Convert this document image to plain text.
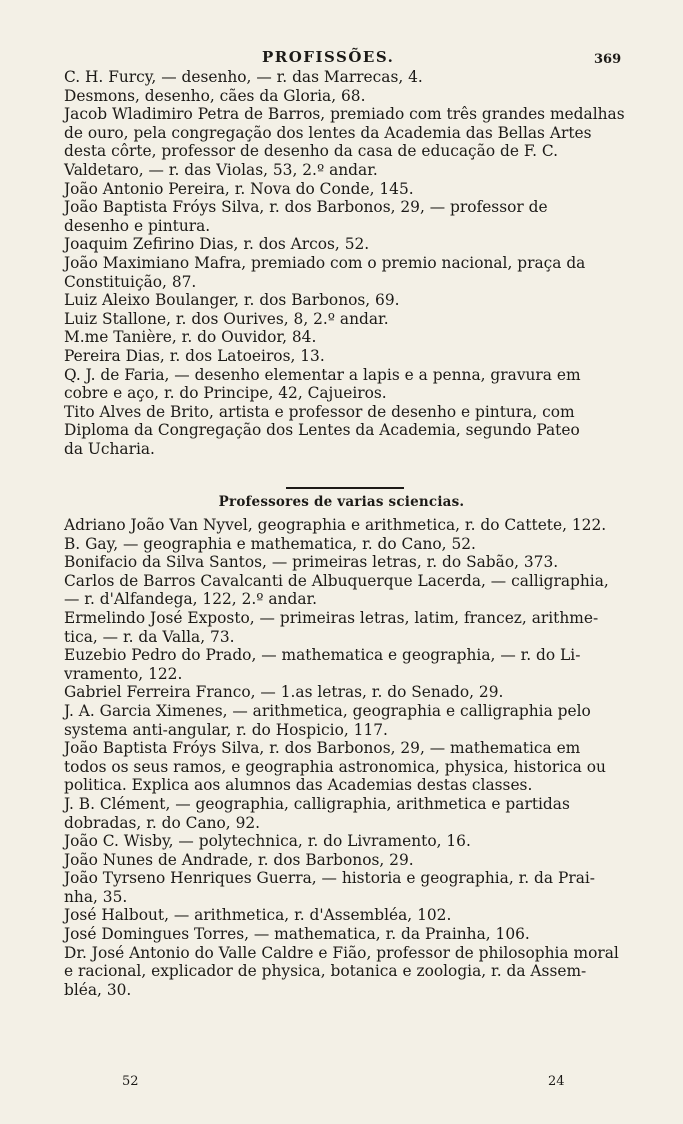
PROFISSÕES.	369

C. H. Furcy, — desenho, — r. das Marrecas, 4.

Desmons, desenho, cães da Gloria, 68.

Jacob Wladimiro Petra de Barros, premiado com três grandes medalhas
de ouro, pela congregação dos lentes da Academia das Bellas Artes
desta côrte, professor de desenho da casa de educação de F. C.
Valdetaro, — r. das Violas, 53, 2.º andar.

João Antonio Pereira, r. Nova do Conde, 145.

João Baptista Fróys Silva, r. dos Barbonos, 29, — professor de
desenho e pintura.

Joaquim Zefirino Dias, r. dos Arcos, 52.

João Maximiano Mafra, premiado com o premio nacional, praça da
Constituição, 87.

Luiz Aleixo Boulanger, r. dos Barbonos, 69.

Luiz Stallone, r. dos Ourives, 8, 2.º andar.

M.me Tanière, r. do Ouvidor, 84.

Pereira Dias, r. dos Latoeiros, 13.

Q. J. de Faria, — desenho elementar a lapis e a penna, gravura em
cobre e aço, r. do Principe, 42, Cajueiros.

Tito Alves de Brito, artista e professor de desenho e pintura, com
Diploma da Congregação dos Lentes da Academia, segundo Pateo
da Ucharia.

Professores de varias sciencias.

Adriano João Van Nyvel, geographia e arithmetica, r. do Cattete, 122.

B. Gay, — geographia e mathematica, r. do Cano, 52.

Bonifacio da Silva Santos, — primeiras letras, r. do Sabão, 373.

Carlos de Barros Cavalcanti de Albuquerque Lacerda, — calligraphia,
— r. d'Alfandega, 122, 2.º andar.

Ermelindo José Exposto, — primeiras letras, latim, francez, arithme-
tica, — r. da Valla, 73.

Euzebio Pedro do Prado, — mathematica e geographia, — r. do Li-
vramento, 122.

Gabriel Ferreira Franco, — 1.as letras, r. do Senado, 29.

J. A. Garcia Ximenes, — arithmetica, geographia e calligraphia pelo
systema anti-angular, r. do Hospicio, 117.

João Baptista Fróys Silva, r. dos Barbonos, 29, — mathematica em
todos os seus ramos, e geographia astronomica, physica, historica ou
politica. Explica aos alumnos das Academias destas classes.

J. B. Clément, — geographia, calligraphia, arithmetica e partidas
dobradas, r. do Cano, 92.

João C. Wisby, — polytechnica, r. do Livramento, 16.

João Nunes de Andrade, r. dos Barbonos, 29.

João Tyrseno Henriques Guerra, — historia e geographia, r. da Prai-
nha, 35.

José Halbout, — arithmetica, r. d'Assembléa, 102.

José Domingues Torres, — mathematica, r. da Prainha, 106.

Dr. José Antonio do Valle Caldre e Fião, professor de philosophia moral
e racional, explicador de physica, botanica e zoologia, r. da Assem-
bléa, 30.

52	24
